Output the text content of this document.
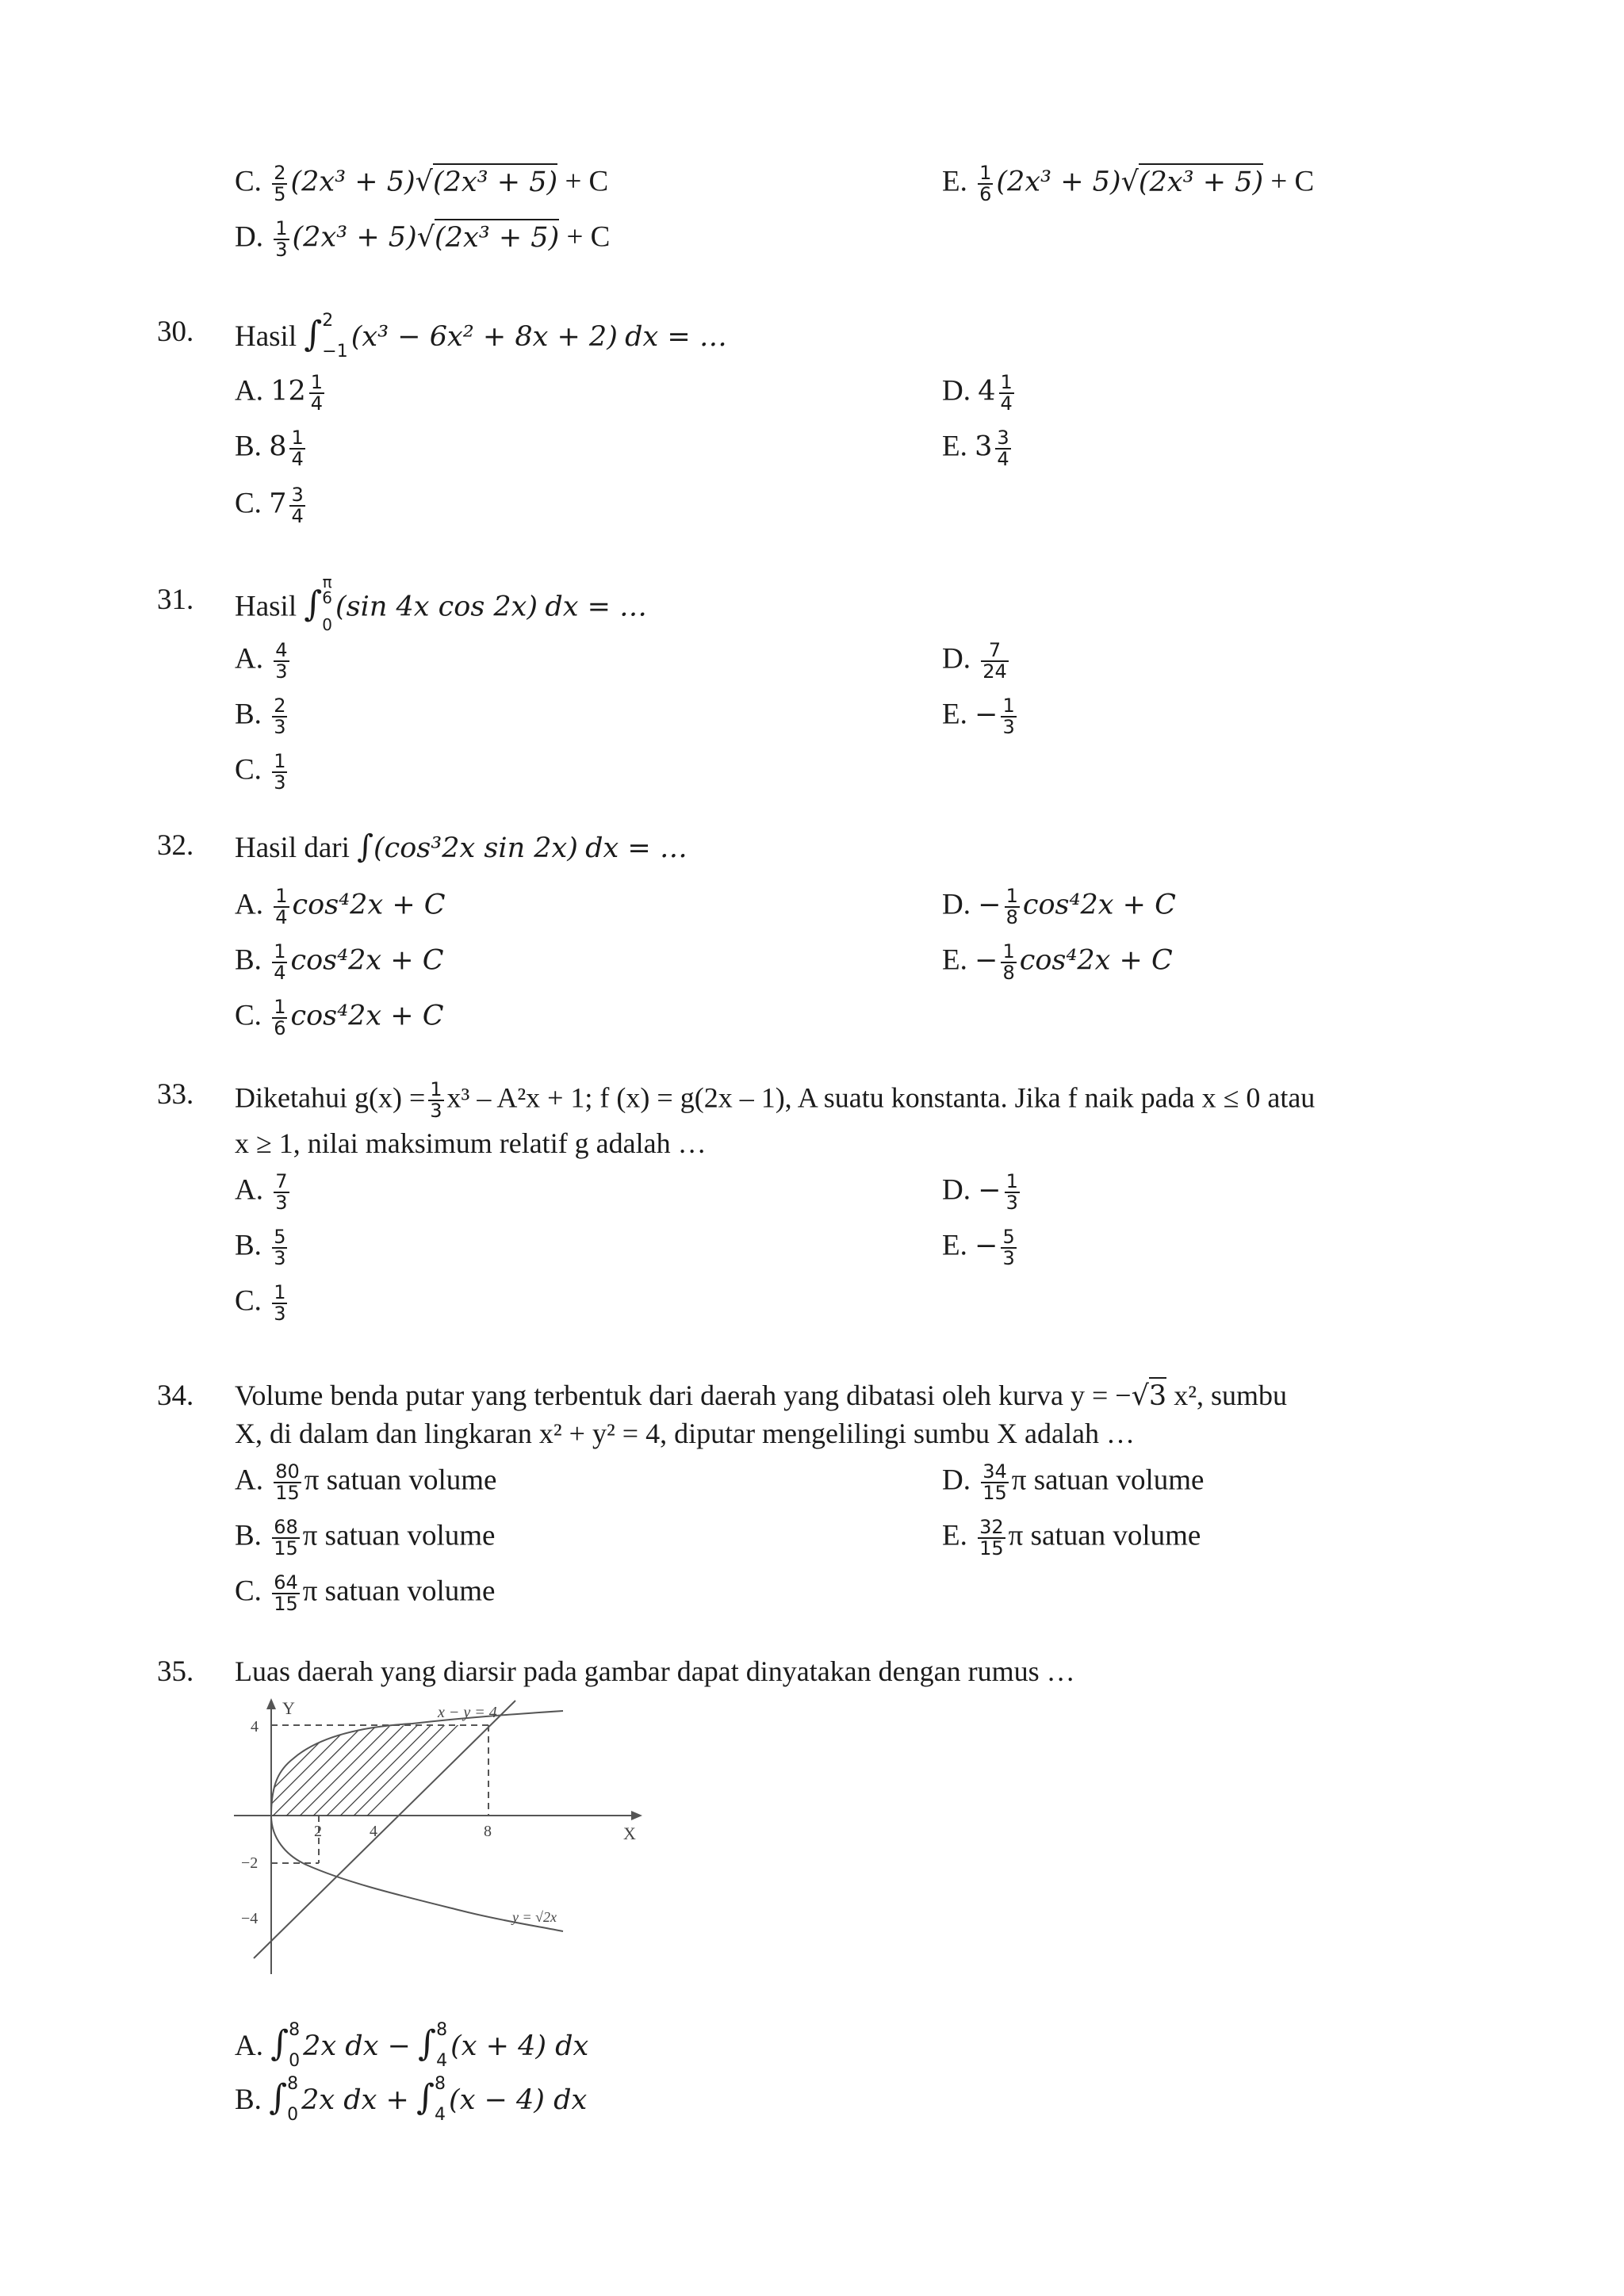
C. $\frac{2}{5} (2x^3 + 5)√(2x^3 + 5) + C$
D. $\frac{1}{3} (2x^3 + 5)√(2x^3 + 5) + C$
E. $\frac{1}{6} (2x^3 + 5)√(2x^3 + 5) + C$
30. Hasil ∫ 2
−1 (x³ − 6x² + 8x + 2) dx = …
A. $12 \frac{1}{4}$
B. $8 \frac{1}{4}$
C. $7 \frac{3}{4}$
D. $4 \frac{1}{4}$
E. $3 \frac{3}{4}$
31. Hasil ∫
π
6
0
(sin 4x cos 2x) dx = …
A. $\frac{4}{3}$
B. $\frac{2}{3}$
C. $\frac{1}{3}$
D. $\frac{7}{24}$
E. − $\frac{1}{3}$
32. Hasil dari ∫(cos³2x sin 2x) dx = …
A. $\frac{1}{4} \cos^42x + C$
B. $\frac{1}{4} \cos^42x + C$
C. $\frac{1}{6} \cos^42x + C$
D. − $\frac{1}{8} \cos^42x + C$
E. − $\frac{1}{8} \cos^42x + C$
33. Diketahui $g(x) = \frac{1}{3} x^3 - A^2x + 1$; f (x) = g(2x – 1), A suatu konstanta. Jika f naik pada x ≤ 0 atau
x ≥ 1, nilai maksimum relatif g adalah …
A. $\frac{7}{3}$
B. $\frac{5}{3}$
C. $\frac{1}{3}$
D. − $\frac{1}{3}$
E. − $\frac{5}{3}$
34. Volume benda putar yang terbentuk dari daerah yang dibatasi oleh kurva y = −√3 x², sumbu
X, di dalam dan lingkaran x² + y² = 4, diputar mengelilingi sumbu X adalah …
A. $\frac{80}{15}$ π satuan volume
B. $\frac{68}{15}$ π satuan volume
C. $\frac{64}{15}$ π satuan volume
D. $\frac{34}{15}$ π satuan volume
E. $\frac{32}{15}$ π satuan volume
35. Luas daerah yang diarsir pada gambar dapat dinyatakan dengan rumus …
Y
X
x − y = 4
y = √2x
4
−2
−4
2	4	8
A. ∫ 8
0 2x dx − ∫ 8
4 (x + 4) dx
B. ∫ 8
0 2x dx + ∫ 8
4 (x − 4) dx
